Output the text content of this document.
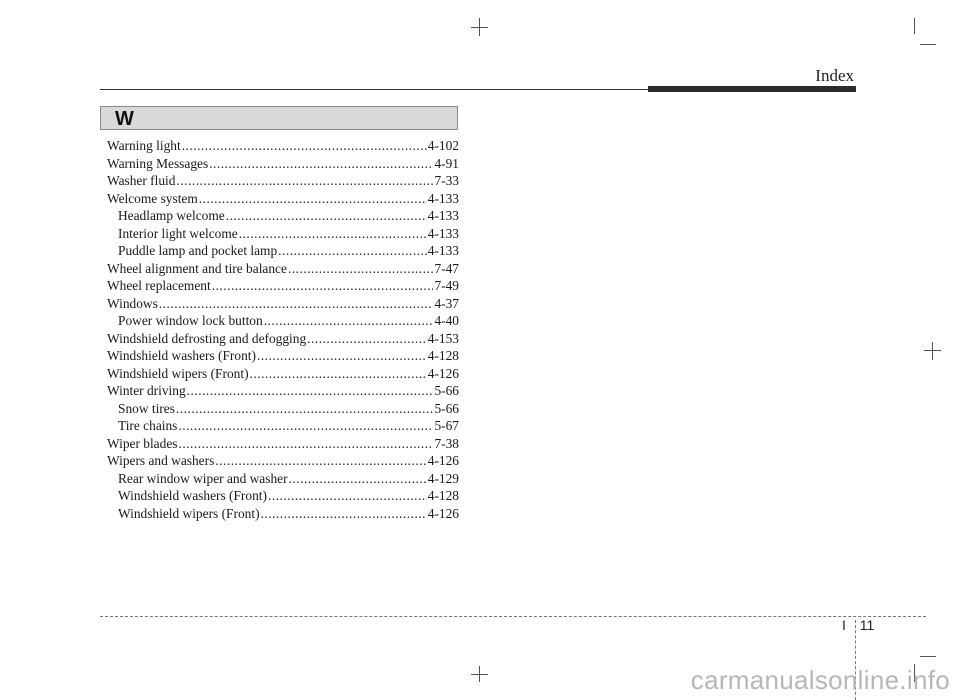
Index
W
Warning light .....	4-102
Warning Messages .....	4-91
Washer fluid .....	7-33
Welcome system .....	4-133
Headlamp welcome .....	4-133
Interior light welcome .....	4-133
Puddle lamp and pocket lamp .....	4-133
Wheel alignment and tire balance .....	7-47
Wheel replacement .....	7-49
Windows .....	4-37
Power window lock button .....	4-40
Windshield defrosting and defogging .....	4-153
Windshield washers (Front) .....	4-128
Windshield wipers (Front) .....	4-126
Winter driving .....	5-66
Snow tires .....	5-66
Tire chains .....	5-67
Wiper blades .....	7-38
Wipers and washers .....	4-126
Rear window wiper and washer .....	4-129
Windshield washers (Front) .....	4-128
Windshield wipers (Front) .....	4-126
I 11
carmanualsonline.info
